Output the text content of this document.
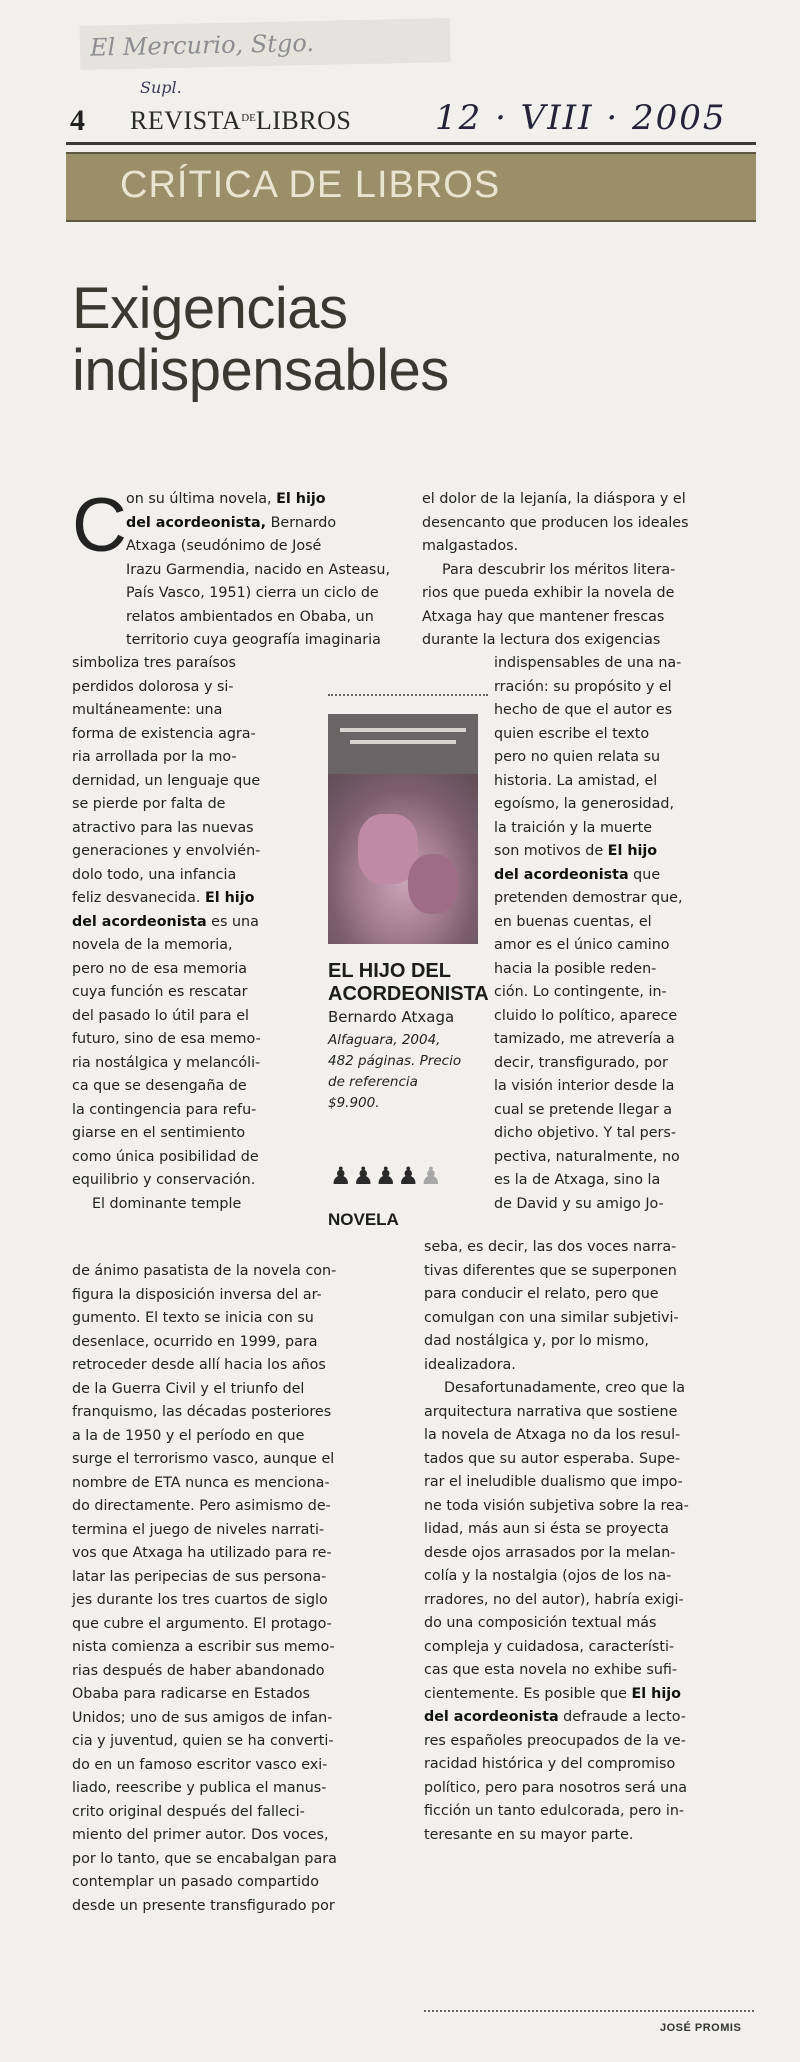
El Mercurio, Stgo.
Supl.
4 $REVISTA^{DE}LIBROS$ 12 · VIII · 2005
CRÍTICA DE LIBROS
Exigencias
indispensables
C on su última novela, El hijo

del acordeonista, Bernardo

Atxaga (seudónimo de José

Irazu Garmendia, nacido en Asteasu,

País Vasco, 1951) cierra un ciclo de

relatos ambientados en Obaba, un

territorio cuya geografía imaginaria

simboliza tres paraísos

perdidos dolorosa y si-

multáneamente: una

forma de existencia agra-

ria arrollada por la mo-

dernidad, un lenguaje que

se pierde por falta de

atractivo para las nuevas

generaciones y envolvién-

dolo todo, una infancia

feliz desvanecida. El hijo

del acordeonista es una

novela de la memoria,

pero no de esa memoria

cuya función es rescatar

del pasado lo útil para el

futuro, sino de esa memo-

ria nostálgica y melancóli-

ca que se desengaña de

la contingencia para refu-

giarse en el sentimiento

como única posibilidad de

equilibrio y conservación.

El dominante temple

de ánimo pasatista de la novela con-

figura la disposición inversa del ar-

gumento. El texto se inicia con su

desenlace, ocurrido en 1999, para

retroceder desde allí hacia los años

de la Guerra Civil y el triunfo del

franquismo, las décadas posteriores

a la de 1950 y el período en que

surge el terrorismo vasco, aunque el

nombre de ETA nunca es menciona-

do directamente. Pero asimismo de-

termina el juego de niveles narrati-

vos que Atxaga ha utilizado para re-

latar las peripecias de sus persona-

jes durante los tres cuartos de siglo

que cubre el argumento. El protago-

nista comienza a escribir sus memo-

rias después de haber abandonado

Obaba para radicarse en Estados

Unidos; uno de sus amigos de infan-

cia y juventud, quien se ha converti-

do en un famoso escritor vasco exi-

liado, reescribe y publica el manus-

crito original después del falleci-

miento del primer autor. Dos voces,

por lo tanto, que se encabalgan para

contemplar un pasado compartido

desde un presente transfigurado por

el dolor de la lejanía, la diáspora y el

desencanto que producen los ideales

malgastados.

Para descubrir los méritos litera-

rios que pueda exhibir la novela de

Atxaga hay que mantener frescas

durante la lectura dos exigencias

indispensables de una na-

rración: su propósito y el

hecho de que el autor es

quien escribe el texto

pero no quien relata su

historia. La amistad, el

egoísmo, la generosidad,

la traición y la muerte

son motivos de El hijo

del acordeonista que

pretenden demostrar que,

en buenas cuentas, el

amor es el único camino

hacia la posible reden-

ción. Lo contingente, in-

cluido lo político, aparece

tamizado, me atrevería a

decir, transfigurado, por

la visión interior desde la

cual se pretende llegar a

dicho objetivo. Y tal pers-

pectiva, naturalmente, no

es la de Atxaga, sino la

de David y su amigo Jo-

seba, es decir, las dos voces narra-

tivas diferentes que se superponen

para conducir el relato, pero que

comulgan con una similar subjetivi-

dad nostálgica y, por lo mismo,

idealizadora.

Desafortunadamente, creo que la

arquitectura narrativa que sostiene

la novela de Atxaga no da los resul-

tados que su autor esperaba. Supe-

rar el ineludible dualismo que impo-

ne toda visión subjetiva sobre la rea-

lidad, más aun si ésta se proyecta

desde ojos arrasados por la melan-

colía y la nostalgia (ojos de los na-

rradores, no del autor), habría exigi-

do una composición textual más

compleja y cuidadosa, característi-

cas que esta novela no exhibe sufi-

cientemente. Es posible que El hijo

del acordeonista defraude a lecto-

res españoles preocupados de la ve-

racidad histórica y del compromiso

político, pero para nosotros será una

ficción un tanto edulcorada, pero in-

teresante en su mayor parte.

EL HIJO DEL
ACORDEONISTA
Bernardo Atxaga
Alfaguara, 2004,
482 páginas. Precio
de referencia
$9.900.
♟♟♟♟♟
NOVELA
JOSÉ PROMIS
